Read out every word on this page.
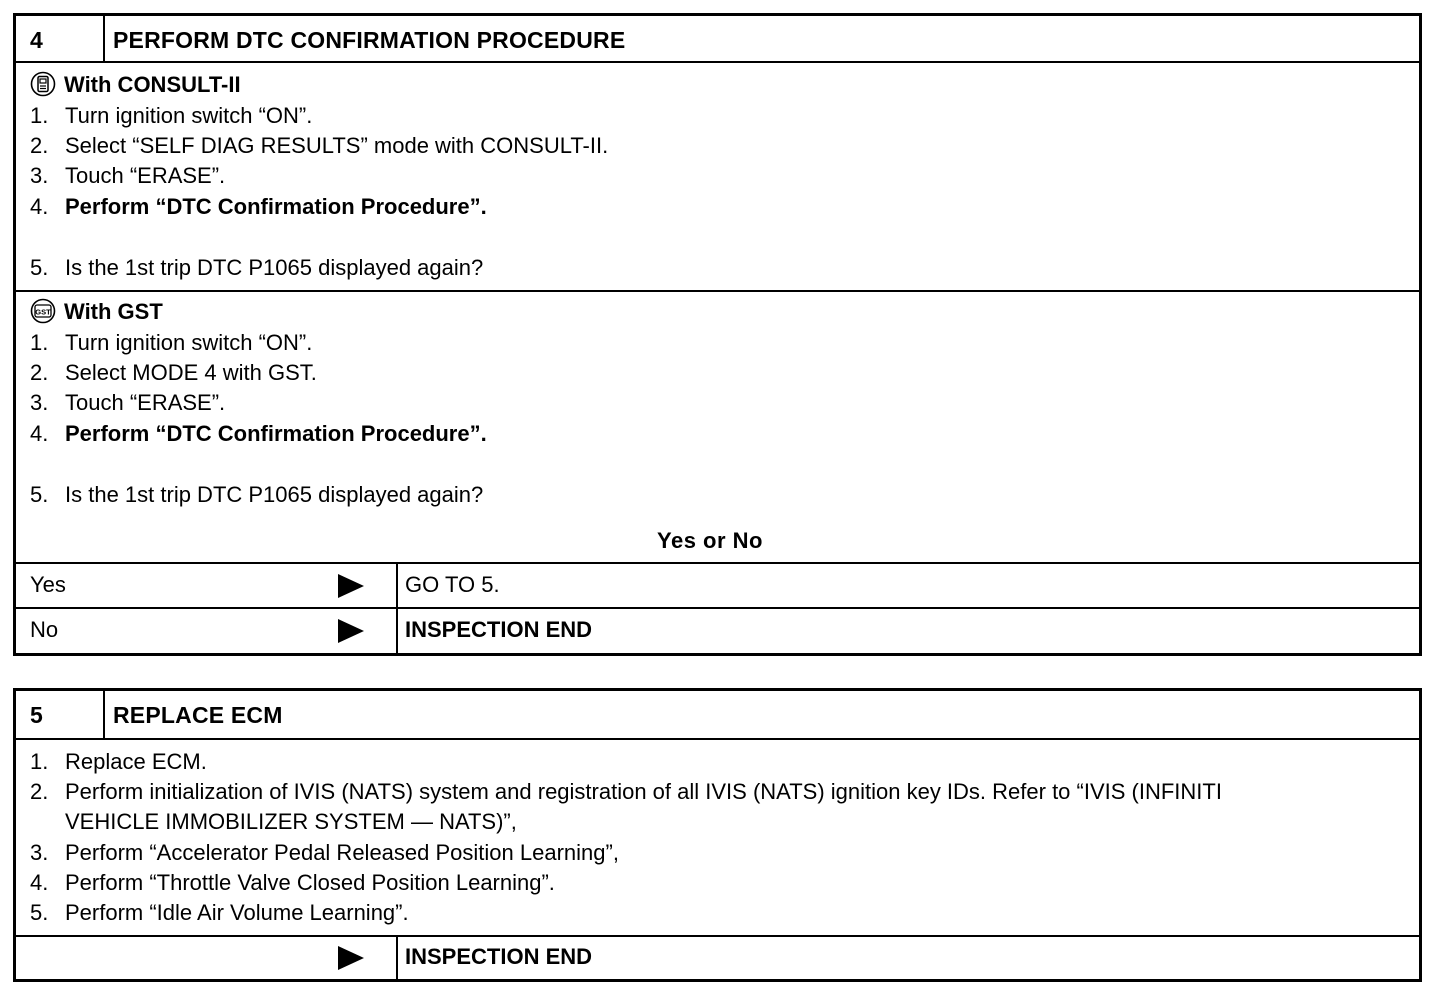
4	PERFORM DTC CONFIRMATION PROCEDURE
With CONSULT-II
1. Turn ignition switch “ON”.
2. Select “SELF DIAG RESULTS” mode with CONSULT-II.
3. Touch “ERASE”.
4. Perform “DTC Confirmation Procedure”.
5. Is the 1st trip DTC P1065 displayed again?
GST With GST
1. Turn ignition switch “ON”.
2. Select MODE 4 with GST.
3. Touch “ERASE”.
4. Perform “DTC Confirmation Procedure”.
5. Is the 1st trip DTC P1065 displayed again?
Yes or No
Yes	GO TO 5.
No	INSPECTION END
5	REPLACE ECM
1. Replace ECM.
2. Perform initialization of IVIS (NATS) system and registration of all IVIS (NATS) ignition key IDs. Refer to “IVIS (INFINITI
VEHICLE IMMOBILIZER SYSTEM — NATS)”,
3. Perform “Accelerator Pedal Released Position Learning”,
4. Perform “Throttle Valve Closed Position Learning”.
5. Perform “Idle Air Volume Learning”.
INSPECTION END
